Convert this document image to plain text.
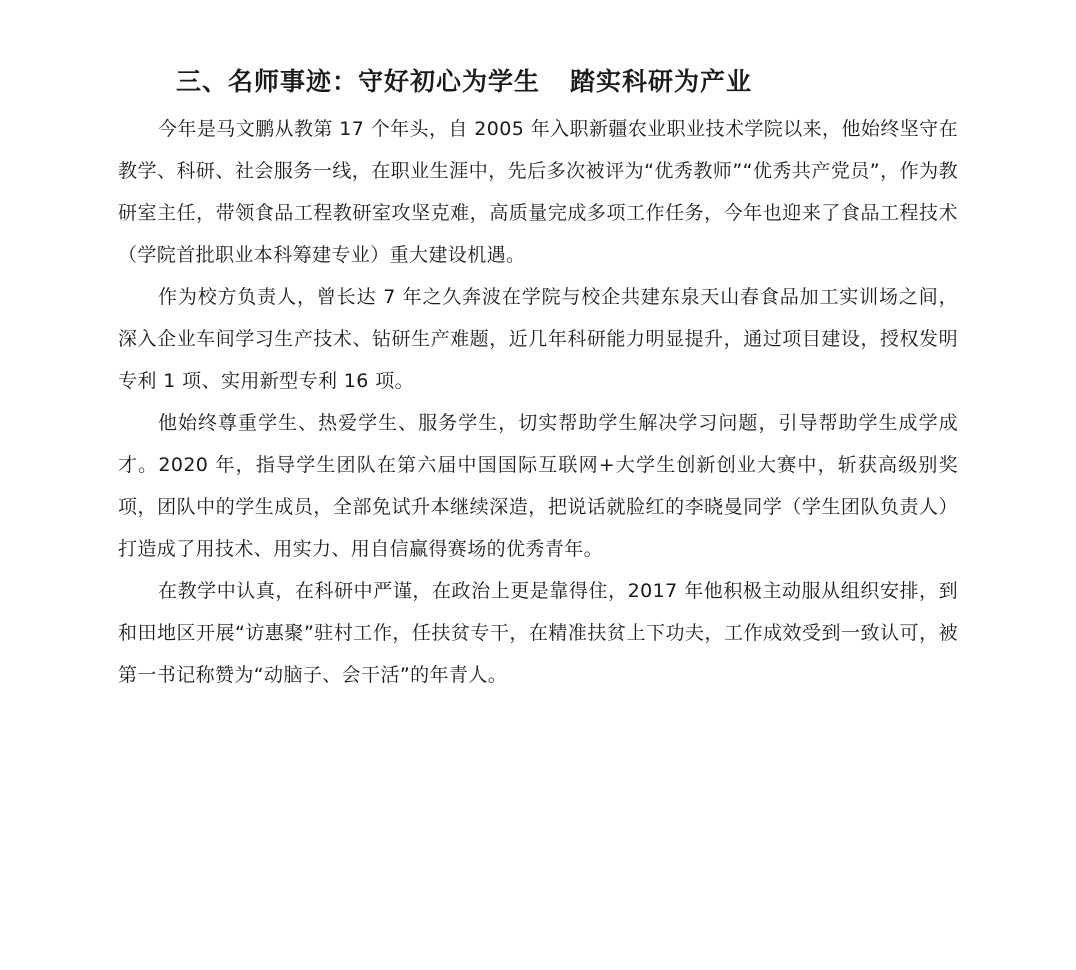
三、名师事迹：守好初心为学生 踏实科研为产业

今年是马文鹏从教第 17 个年头，自 2005 年入职新疆农业职业技术学院以来，他始终坚守在教学、科研、社会服务一线，在职业生涯中，先后多次被评为“优秀教师”“优秀共产党员”，作为教研室主任，带领食品工程教研室攻坚克难，高质量完成多项工作任务，今年也迎来了食品工程技术（学院首批职业本科筹建专业）重大建设机遇。

作为校方负责人，曾长达 7 年之久奔波在学院与校企共建东泉天山春食品加工实训场之间，深入企业车间学习生产技术、钻研生产难题，近几年科研能力明显提升，通过项目建设，授权发明专利 1 项、实用新型专利 16 项。

他始终尊重学生、热爱学生、服务学生，切实帮助学生解决学习问题，引导帮助学生成学成才。2020 年，指导学生团队在第六届中国国际互联网+大学生创新创业大赛中，斩获高级别奖项，团队中的学生成员，全部免试升本继续深造，把说话就脸红的李晓曼同学（学生团队负责人）打造成了用技术、用实力、用自信赢得赛场的优秀青年。

在教学中认真，在科研中严谨，在政治上更是靠得住，2017 年他积极主动服从组织安排，到和田地区开展“访惠聚”驻村工作，任扶贫专干，在精准扶贫上下功夫，工作成效受到一致认可，被第一书记称赞为“动脑子、会干活”的年青人。
